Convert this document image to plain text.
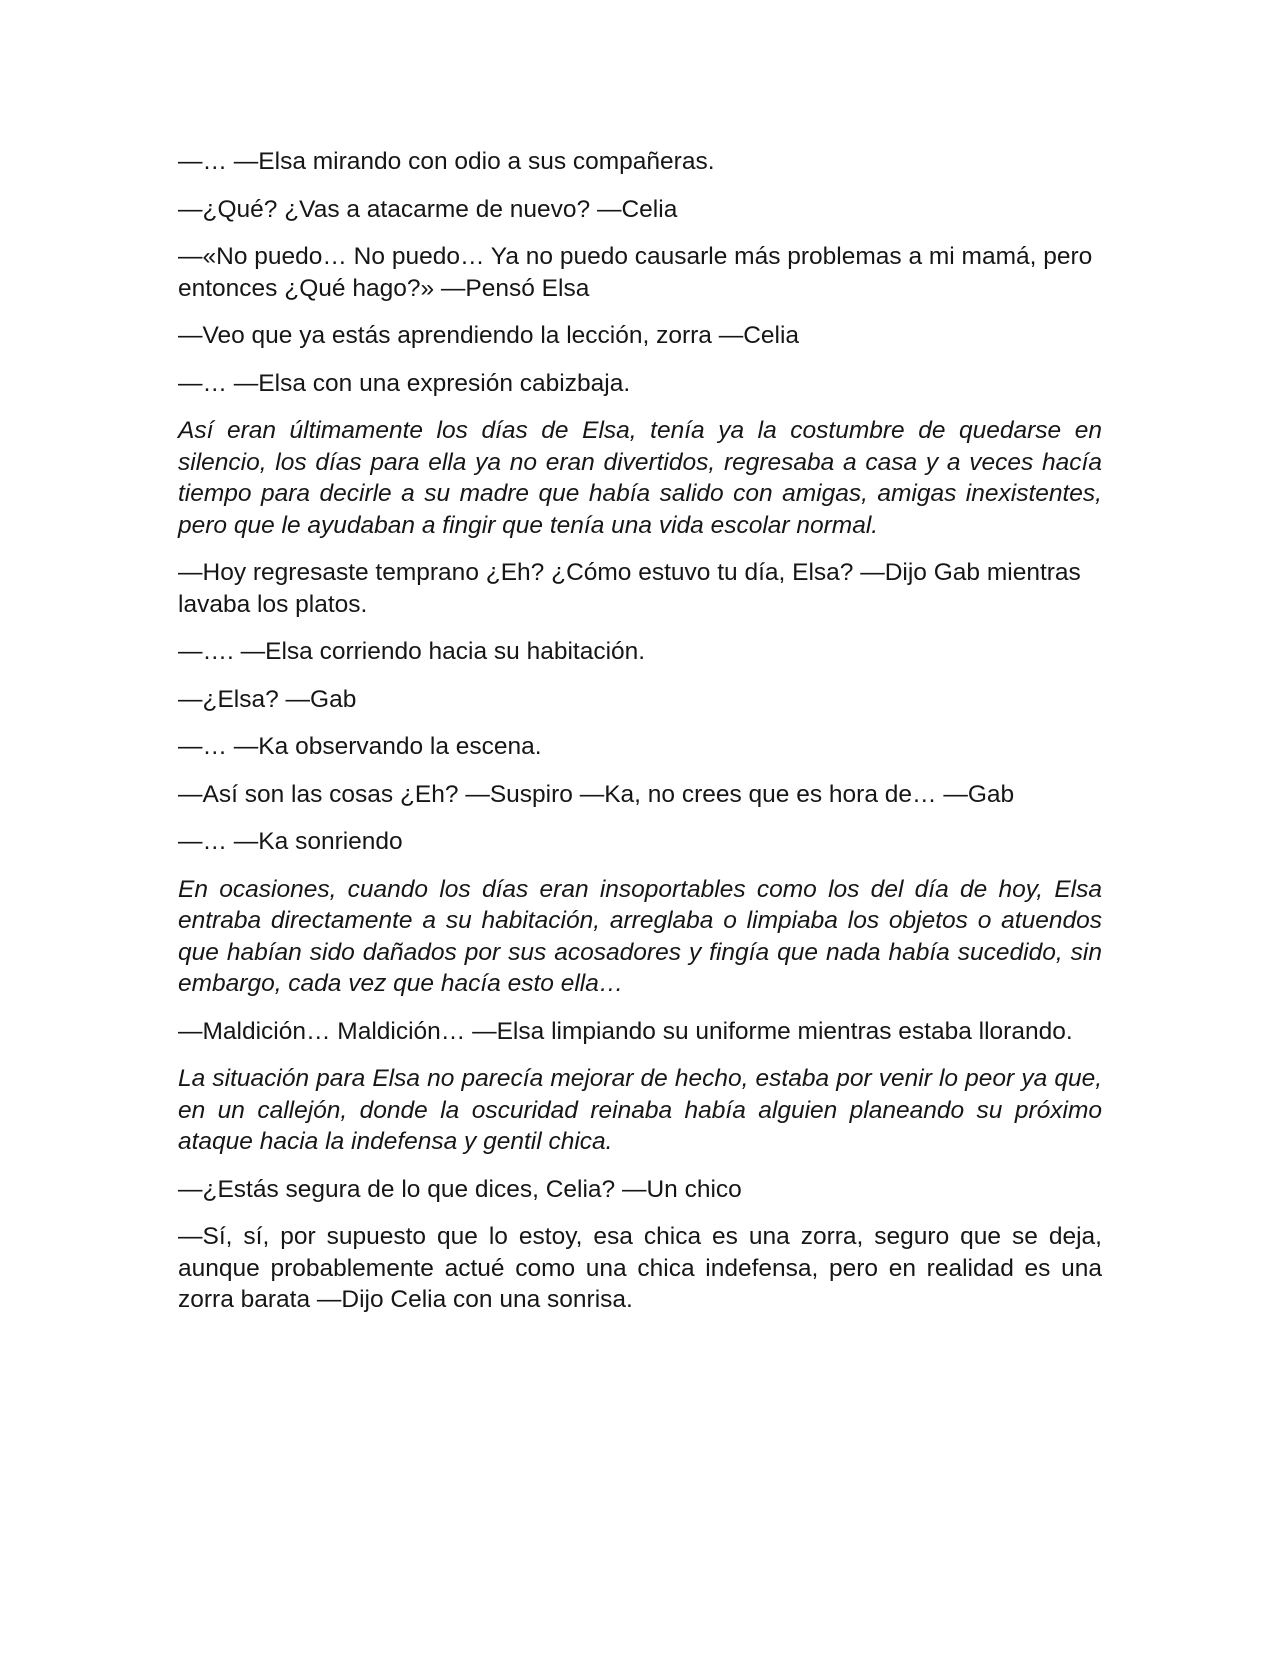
—… —Elsa mirando con odio a sus compañeras.

—¿Qué? ¿Vas a atacarme de nuevo? —Celia

—«No puedo… No puedo… Ya no puedo causarle más problemas a mi mamá, pero entonces ¿Qué hago?» —Pensó Elsa

—Veo que ya estás aprendiendo la lección, zorra —Celia

—… —Elsa con una expresión cabizbaja.

Así eran últimamente los días de Elsa, tenía ya la costumbre de quedarse en silencio, los días para ella ya no eran divertidos, regresaba a casa y a veces hacía tiempo para decirle a su madre que había salido con amigas, amigas inexistentes, pero que le ayudaban a fingir que tenía una vida escolar normal.

—Hoy regresaste temprano ¿Eh? ¿Cómo estuvo tu día, Elsa? —Dijo Gab mientras lavaba los platos.

—…. —Elsa corriendo hacia su habitación.

—¿Elsa? —Gab

—… —Ka observando la escena.

—Así son las cosas ¿Eh? —Suspiro —Ka, no crees que es hora de… —Gab

—… —Ka sonriendo

En ocasiones, cuando los días eran insoportables como los del día de hoy, Elsa entraba directamente a su habitación, arreglaba o limpiaba los objetos o atuendos que habían sido dañados por sus acosadores y fingía que nada había sucedido, sin embargo, cada vez que hacía esto ella…

—Maldición… Maldición… —Elsa limpiando su uniforme mientras estaba llorando.

La situación para Elsa no parecía mejorar de hecho, estaba por venir lo peor ya que, en un callejón, donde la oscuridad reinaba había alguien planeando su próximo ataque hacia la indefensa y gentil chica.

—¿Estás segura de lo que dices, Celia? —Un chico

—Sí, sí, por supuesto que lo estoy, esa chica es una zorra, seguro que se deja, aunque probablemente actué como una chica indefensa, pero en realidad es una zorra barata —Dijo Celia con una sonrisa.
